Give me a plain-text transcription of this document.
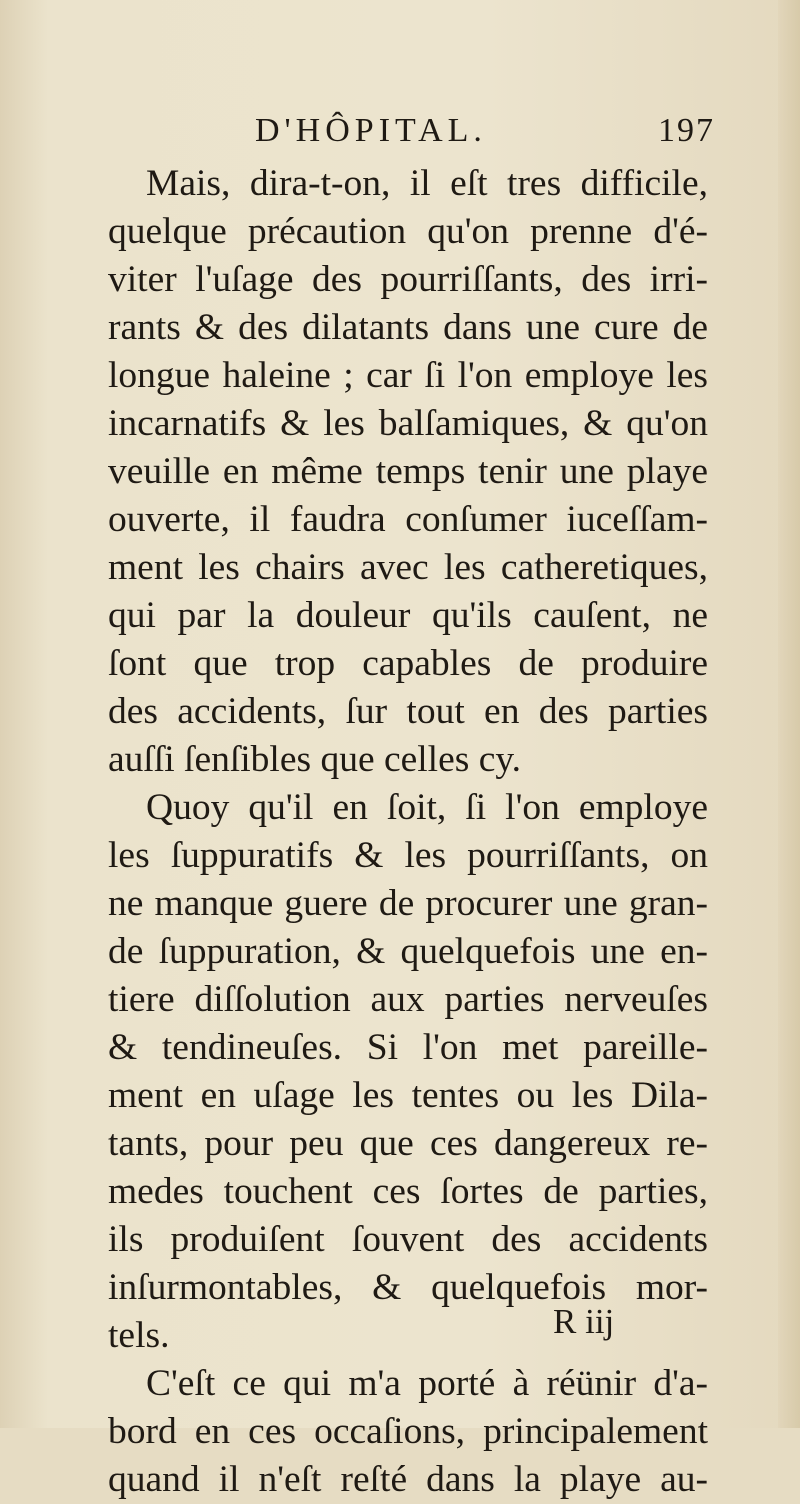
D'HÔPITAL.	197
Mais, dira-t-on, il eſt tres difficile,
quelque précaution qu'on prenne d'é-
viter l'uſage des pourriſſants, des irri-
rants & des dilatants dans une cure de
longue haleine ; car ſi l'on employe les
incarnatifs & les balſamiques, & qu'on
veuille en même temps tenir une playe
ouverte, il faudra conſumer iuceſſam-
ment les chairs avec les catheretiques,
qui par la douleur qu'ils cauſent, ne
ſont que trop capables de produire
des accidents, ſur tout en des parties
auſſi ſenſibles que celles cy.
Quoy qu'il en ſoit, ſi l'on employe
les ſuppuratifs & les pourriſſants, on
ne manque guere de procurer une gran-
de ſuppuration, & quelquefois une en-
tiere diſſolution aux parties nerveuſes
& tendineuſes. Si l'on met pareille-
ment en uſage les tentes ou les Dila-
tants, pour peu que ces dangereux re-
medes touchent ces ſortes de parties,
ils produiſent ſouvent des accidents
inſurmontables, & quelquefois mor-
tels.
C'eſt ce qui m'a porté à réünir d'a-
bord en ces occaſions, principalement
quand il n'eſt reſté dans la playe au-
R iij
